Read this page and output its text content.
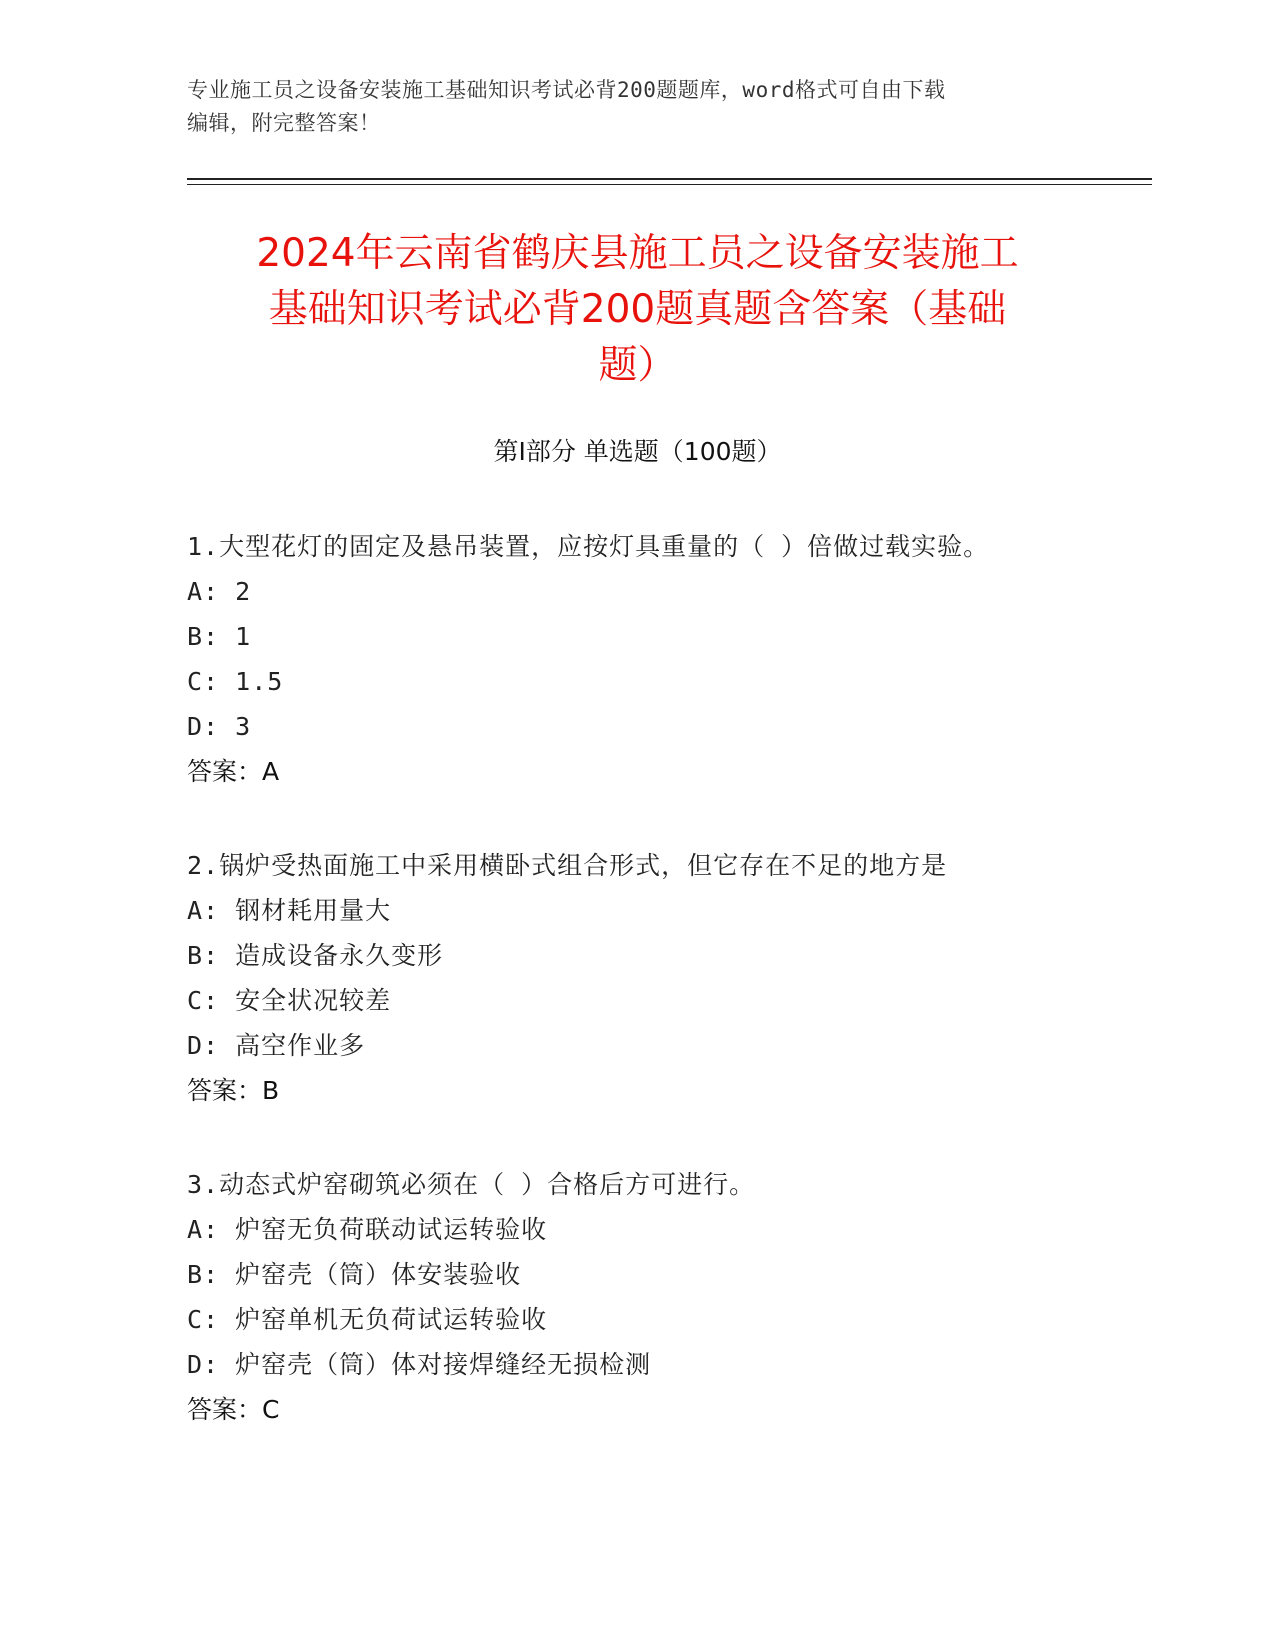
专业施工员之设备安装施工基础知识考试必背200题题库，word格式可自由下载
编辑，附完整答案！
2024年云南省鹤庆县施工员之设备安装施工
基础知识考试必背200题真题含答案（基础
题）
第I部分 单选题（100题）
1.大型花灯的固定及悬吊装置，应按灯具重量的（ ）倍做过载实验。
A: 2
B: 1
C: 1.5
D: 3
答案：A
2.锅炉受热面施工中采用横卧式组合形式，但它存在不足的地方是
A: 钢材耗用量大
B: 造成设备永久变形
C: 安全状况较差
D: 高空作业多
答案：B
3.动态式炉窑砌筑必须在（ ）合格后方可进行。
A: 炉窑无负荷联动试运转验收
B: 炉窑壳（筒）体安装验收
C: 炉窑单机无负荷试运转验收
D: 炉窑壳（筒）体对接焊缝经无损检测
答案：C
